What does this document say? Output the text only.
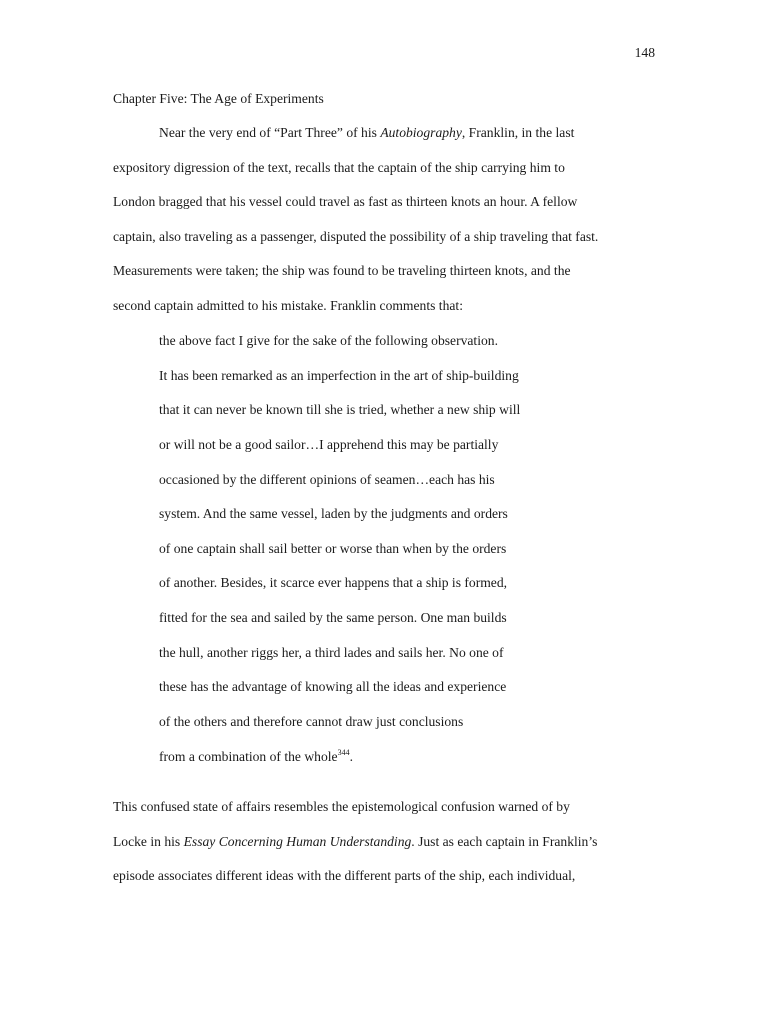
148
Chapter Five: The Age of Experiments
Near the very end of “Part Three” of his Autobiography, Franklin, in the last
expository digression of the text, recalls that the captain of the ship carrying him to
London bragged that his vessel could travel as fast as thirteen knots an hour. A fellow
captain, also traveling as a passenger, disputed the possibility of a ship traveling that fast.
Measurements were taken; the ship was found to be traveling thirteen knots, and the
second captain admitted to his mistake. Franklin comments that:
the above fact I give for the sake of the following observation.
It has been remarked as an imperfection in the art of ship-building
that it can never be known till she is tried, whether a new ship will
or will not be a good sailor…I apprehend this may be partially
occasioned by the different opinions of seamen…each has his
system. And the same vessel, laden by the judgments and orders
of one captain shall sail better or worse than when by the orders
of another. Besides, it scarce ever happens that a ship is formed,
fitted for the sea and sailed by the same person. One man builds
the hull, another riggs her, a third lades and sails her. No one of
these has the advantage of knowing all the ideas and experience
of the others and therefore cannot draw just conclusions
from a combination of the whole$^{344}$.
This confused state of affairs resembles the epistemological confusion warned of by
Locke in his Essay Concerning Human Understanding. Just as each captain in Franklin’s
episode associates different ideas with the different parts of the ship, each individual,
